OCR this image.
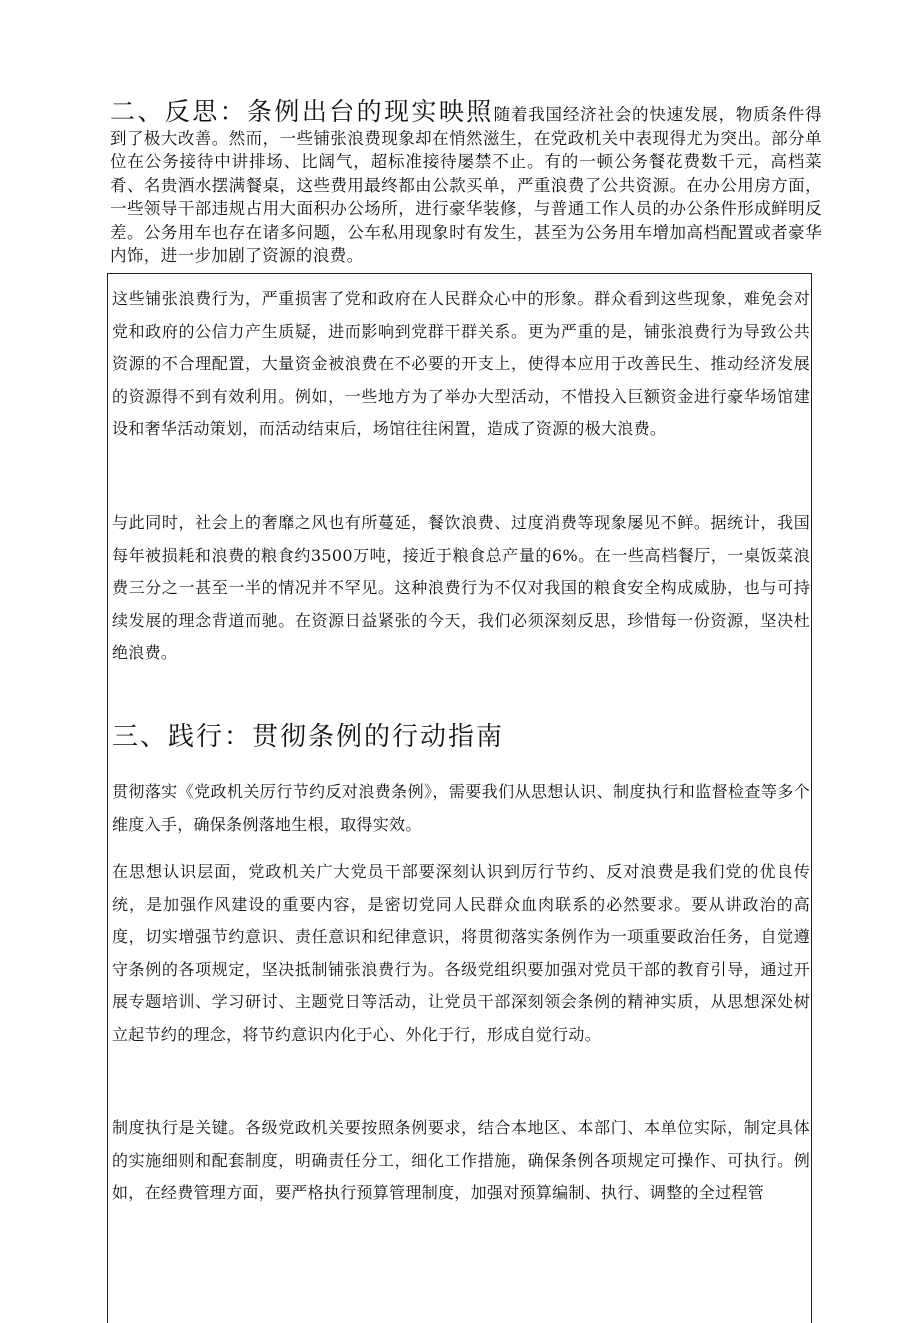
二、反思：条例出台的现实映照随着我国经济社会的快速发展，物质条件得到了极大改善。然而，一些铺张浪费现象却在悄然滋生，在党政机关中表现得尤为突出。部分单位在公务接待中讲排场、比阔气，超标准接待屡禁不止。有的一顿公务餐花费数千元，高档菜肴、名贵酒水摆满餐桌，这些费用最终都由公款买单，严重浪费了公共资源。在办公用房方面，一些领导干部违规占用大面积办公场所，进行豪华装修，与普通工作人员的办公条件形成鲜明反差。公务用车也存在诸多问题，公车私用现象时有发生，甚至为公务用车增加高档配置或者豪华内饰，进一步加剧了资源的浪费。

这些铺张浪费行为，严重损害了党和政府在人民群众心中的形象。群众看到这些现象，难免会对党和政府的公信力产生质疑，进而影响到党群干群关系。更为严重的是，铺张浪费行为导致公共资源的不合理配置，大量资金被浪费在不必要的开支上，使得本应用于改善民生、推动经济发展的资源得不到有效利用。例如，一些地方为了举办大型活动，不惜投入巨额资金进行豪华场馆建设和奢华活动策划，而活动结束后，场馆往往闲置，造成了资源的极大浪费。

与此同时，社会上的奢靡之风也有所蔓延，餐饮浪费、过度消费等现象屡见不鲜。据统计，我国每年被损耗和浪费的粮食约3500万吨，接近于粮食总产量的6%。在一些高档餐厅，一桌饭菜浪费三分之一甚至一半的情况并不罕见。这种浪费行为不仅对我国的粮食安全构成威胁，也与可持续发展的理念背道而驰。在资源日益紧张的今天，我们必须深刻反思，珍惜每一份资源，坚决杜绝浪费。

三、践行：贯彻条例的行动指南

贯彻落实《党政机关厉行节约反对浪费条例》，需要我们从思想认识、制度执行和监督检查等多个维度入手，确保条例落地生根，取得实效。

在思想认识层面，党政机关广大党员干部要深刻认识到厉行节约、反对浪费是我们党的优良传统，是加强作风建设的重要内容，是密切党同人民群众血肉联系的必然要求。要从讲政治的高度，切实增强节约意识、责任意识和纪律意识，将贯彻落实条例作为一项重要政治任务，自觉遵守条例的各项规定，坚决抵制铺张浪费行为。各级党组织要加强对党员干部的教育引导，通过开展专题培训、学习研讨、主题党日等活动，让党员干部深刻领会条例的精神实质，从思想深处树立起节约的理念，将节约意识内化于心、外化于行，形成自觉行动。

制度执行是关键。各级党政机关要按照条例要求，结合本地区、本部门、本单位实际，制定具体的实施细则和配套制度，明确责任分工，细化工作措施，确保条例各项规定可操作、可执行。例如，在经费管理方面，要严格执行预算管理制度，加强对预算编制、执行、调整的全过程管
